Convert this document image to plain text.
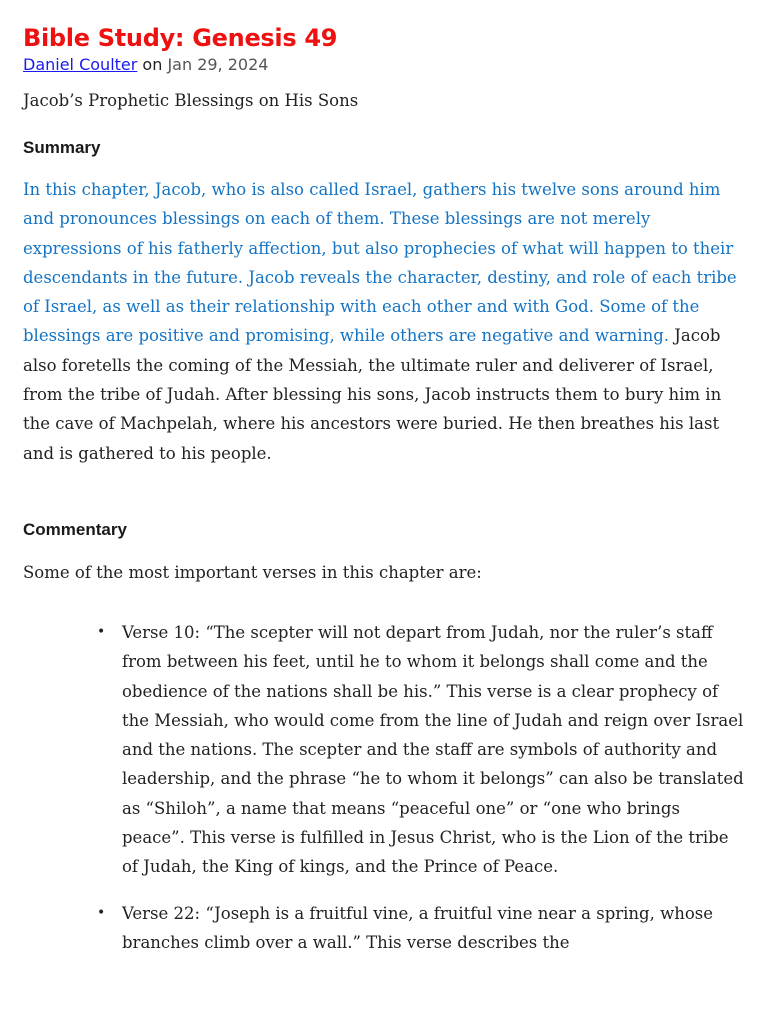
Bible Study: Genesis 49
Daniel Coulter on Jan 29, 2024

Jacob’s Prophetic Blessings on His Sons

Summary

In this chapter, Jacob, who is also called Israel, gathers his twelve sons around him and pronounces blessings on each of them. These blessings are not merely expressions of his fatherly affection, but also prophecies of what will happen to their descendants in the future. Jacob reveals the character, destiny, and role of each tribe of Israel, as well as their relationship with each other and with God. Some of the blessings are positive and promising, while others are negative and warning. Jacob also foretells the coming of the Messiah, the ultimate ruler and deliverer of Israel, from the tribe of Judah. After blessing his sons, Jacob instructs them to bury him in the cave of Machpelah, where his ancestors were buried. He then breathes his last and is gathered to his people.

Commentary

Some of the most important verses in this chapter are:

• Verse 10: “The scepter will not depart from Judah, nor the ruler’s staff from between his feet, until he to whom it belongs shall come and the obedience of the nations shall be his.” This verse is a clear prophecy of the Messiah, who would come from the line of Judah and reign over Israel and the nations. The scepter and the staff are symbols of authority and leadership, and the phrase “he to whom it belongs” can also be translated as “Shiloh”, a name that means “peaceful one” or “one who brings peace”. This verse is fulfilled in Jesus Christ, who is the Lion of the tribe of Judah, the King of kings, and the Prince of Peace.
• Verse 22: “Joseph is a fruitful vine, a fruitful vine near a spring, whose branches climb over a wall.” This verse describes the
